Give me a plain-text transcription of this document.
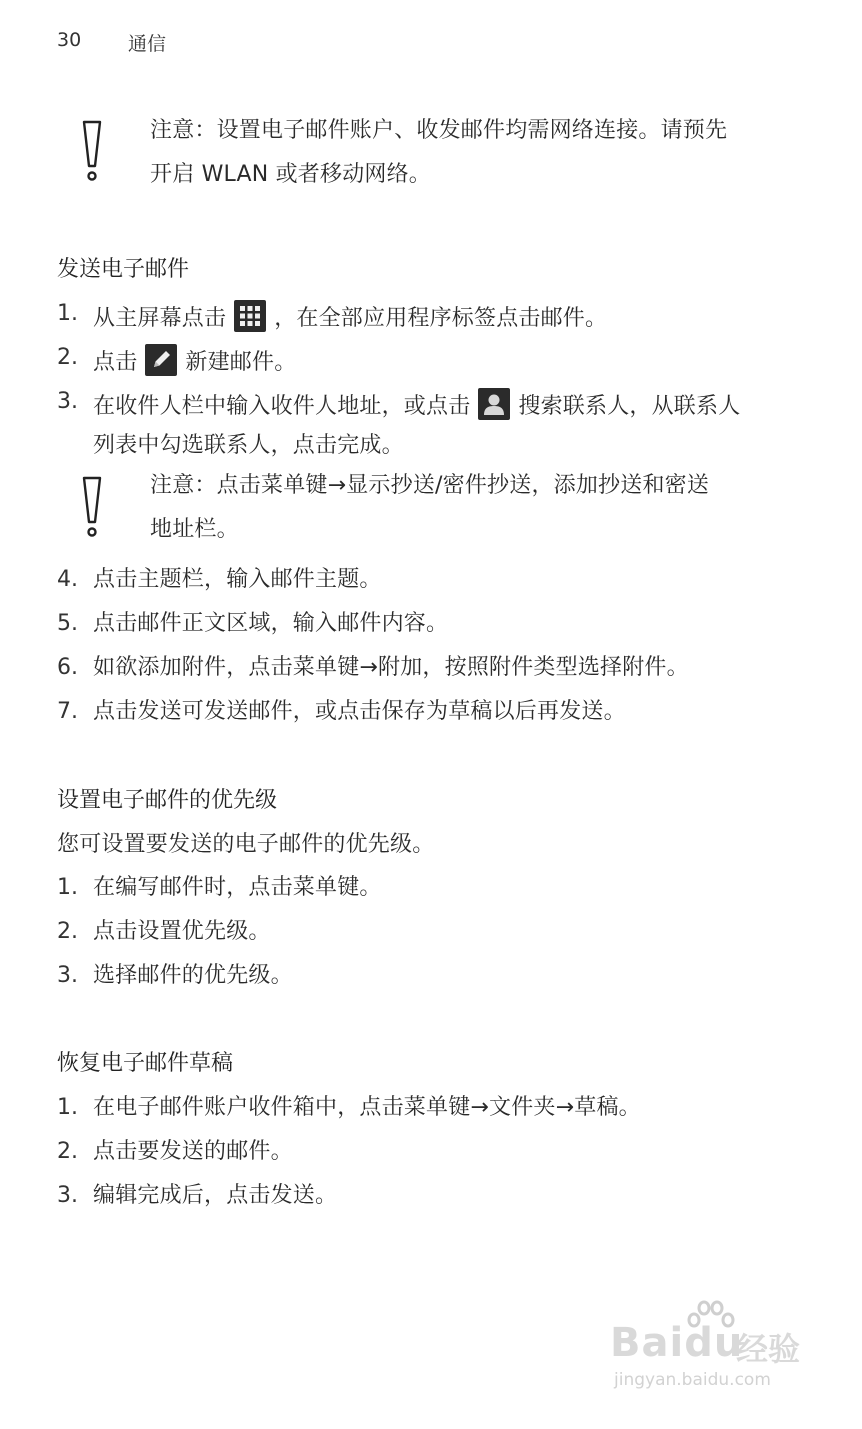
30 通信
注意：设置电子邮件账户、收发邮件均需网络连接。请预先
开启 WLAN 或者移动网络。
发送电子邮件
1. 从主屏幕点击 ，在全部应用程序标签点击邮件。
2. 点击 新建邮件。
3. 在收件人栏中输入收件人地址，或点击 搜索联系人，从联系人
列表中勾选联系人，点击完成。
注意：点击菜单键→显示抄送/密件抄送，添加抄送和密送
地址栏。
4. 点击主题栏，输入邮件主题。
5. 点击邮件正文区域，输入邮件内容。
6. 如欲添加附件，点击菜单键→附加，按照附件类型选择附件。
7. 点击发送可发送邮件，或点击保存为草稿以后再发送。
设置电子邮件的优先级
您可设置要发送的电子邮件的优先级。
1. 在编写邮件时，点击菜单键。
2. 点击设置优先级。
3. 选择邮件的优先级。
恢复电子邮件草稿
1. 在电子邮件账户收件箱中，点击菜单键→文件夹→草稿。
2. 点击要发送的邮件。
3. 编辑完成后，点击发送。
Baidu
经验
jingyan.baidu.com
